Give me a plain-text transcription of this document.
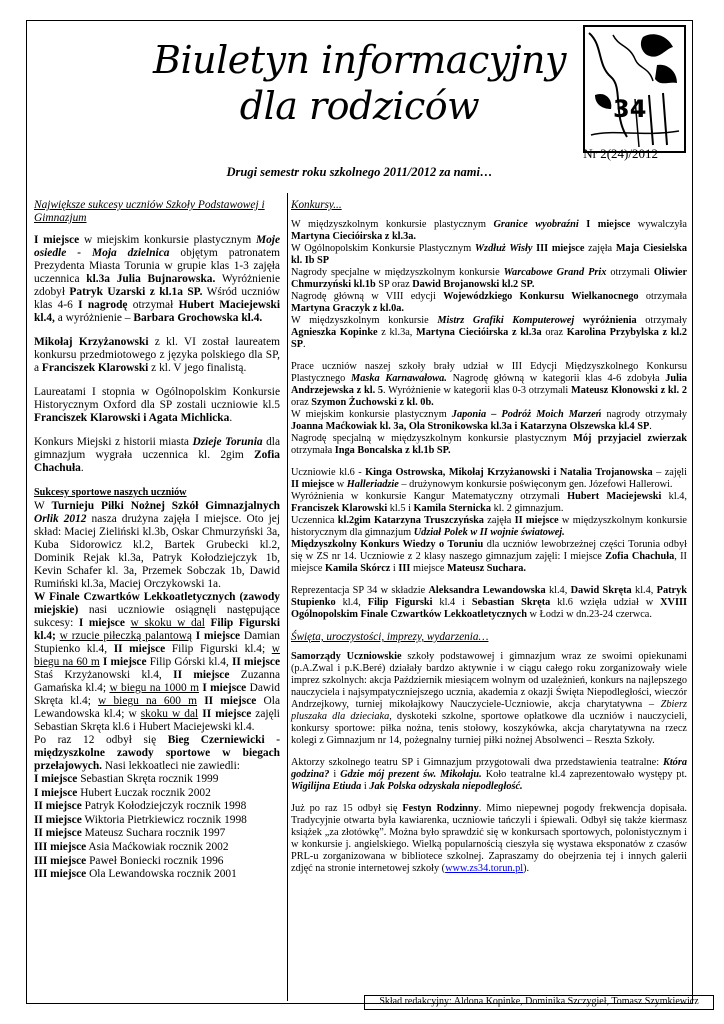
Biuletyn informacyjny
dla rodziców	34
Nr 2(24)/2012
Drugi semestr roku szkolnego 2011/2012 za nami…
Największe sukcesy uczniów Szkoły Podstawowej i Gimnazjum

I miejsce w miejskim konkursie plastycznym Moje osiedle - Moja dzielnica objętym patronatem Prezydenta Miasta Torunia w grupie klas 1-3 zajęła uczennica kl.3a Julia Bujnarowska. Wyróżnienie zdobył Patryk Uzarski z kl.1a SP. Wśród uczniów klas 4-6 I nagrodę otrzymał Hubert Maciejewski kl.4, a wyróżnienie – Barbara Grochowska kl.4.

Mikołaj Krzyżanowski z kl. VI został laureatem konkursu przedmiotowego z języka polskiego dla SP, a Franciszek Klarowski z kl. V jego finalistą.

Laureatami I stopnia w Ogólnopolskim Konkursie Historycznym Oxford dla SP zostali uczniowie kl.5 Franciszek Klarowski i Agata Michlicka.

Konkurs Miejski z historii miasta Dzieje Torunia dla gimnazjum wygrała uczennica kl. 2gim Zofia Chachuła.

Sukcesy sportowe naszych uczniów
W Turnieju Piłki Nożnej Szkół Gimnazjalnych Orlik 2012 nasza drużyna zajęła I miejsce. Oto jej skład: Maciej Zieliński kl.3b, Oskar Chmurzyński 3a, Kuba Sidorowicz kl.2, Bartek Grubecki kl.2, Dominik Rejak kl.3a, Patryk Kołodziejczyk 1b, Kevin Schafer kl. 3a, Przemek Sobczak 1b, Dawid Rumiński kl.3a, Maciej Orczykowski 1a.
W Finale Czwartków Lekkoatletycznych (zawody miejskie) nasi uczniowie osiągnęli następujące sukcesy: I miejsce w skoku w dal Filip Figurski kl.4; w rzucie piłeczką palantową I miejsce Damian Stupienko kl.4, II miejsce Filip Figurski kl.4; w biegu na 60 m I miejsce Filip Górski kl.4, II miejsce Staś Krzyżanowski kl.4, II miejsce Zuzanna Gamańska kl.4; w biegu na 1000 m I miejsce Dawid Skręta kl.4; w biegu na 600 m II miejsce Ola Lewandowska kl.4; w skoku w dal II miejsce zajęli Sebastian Skręta kl.6 i Hubert Maciejewski kl.4.
Po raz 12 odbył się Bieg Czerniewicki - międzyszkolne zawody sportowe w biegach przełajowych. Nasi lekkoatleci nie zawiedli:

I miejsce Sebastian Skręta rocznik 1999
I miejsce Hubert Łuczak rocznik 2002
II miejsce Patryk Kołodziejczyk rocznik 1998
II miejsce Wiktoria Pietrkiewicz rocznik 1998
II miejsce Mateusz Suchara rocznik 1997
III miejsce Asia Maćkowiak rocznik 2002
III miejsce Paweł Boniecki rocznik 1996
III miejsce Ola Lewandowska rocznik 2001
Konkursy...

W międzyszkolnym konkursie plastycznym Granice wyobraźni I miejsce wywalczyła Martyna Ciecióirska z kl.3a.
W Ogólnopolskim Konkursie Plastycznym Wzdłuż Wisły III miejsce zajęła Maja Ciesielska kl. Ib SP
Nagrody specjalne w międzyszkolnym konkursie Warcabowe Grand Prix otrzymali Oliwier Chmurzyński kl.1b SP oraz Dawid Brojanowski kl.2 SP.
Nagrodę główną w VIII edycji Wojewódzkiego Konkursu Wielkanocnego otrzymała Martyna Graczyk z kl.0a.
W międzyszkolnym konkursie Mistrz Grafiki Komputerowej wyróżnienia otrzymały Agnieszka Kopinke z kl.3a, Martyna Ciecióirska z kl.3a oraz Karolina Przybylska z kl.2 SP.

Prace uczniów naszej szkoły brały udział w III Edycji Międzyszkolnego Konkursu Plastycznego Maska Karnawałowa. Nagrodę główną w kategorii klas 4-6 zdobyła Julia Andrzejewska z kl. 5. Wyróżnienie w kategorii klas 0-3 otrzymali Mateusz Kłonowski z kl. 2 oraz Szymon Żuchowski z kl. 0b.
W miejskim konkursie plastycznym Japonia – Podróż Moich Marzeń nagrody otrzymały Joanna Maćkowiak kl. 3a, Ola Stronikowska kl.3a i Katarzyna Olszewska kl.4 SP.
Nagrodę specjalną w międzyszkolnym konkursie plastycznym Mój przyjaciel zwierzak otrzymała Inga Boncalska z kl.1b SP.

Uczniowie kl.6 - Kinga Ostrowska, Mikołaj Krzyżanowski i Natalia Trojanowska – zajęli II miejsce w Halleriadzie – drużynowym konkursie poświęconym gen. Józefowi Hallerowi.
Wyróżnienia w konkursie Kangur Matematyczny otrzymali Hubert Maciejewski kl.4, Franciszek Klarowski kl.5 i Kamila Sternicka kl. 2 gimnazjum.
Uczennica kl.2gim Katarzyna Truszczyńska zajęła II miejsce w międzyszkolnym konkursie historycznym dla gimnazjum Udział Polek w II wojnie światowej.
Międzyszkolny Konkurs Wiedzy o Toruniu dla uczniów lewobrzeżnej części Torunia odbył się w ZS nr 14. Uczniowie z 2 klasy naszego gimnazjum zajęli: I miejsce Zofia Chachuła, II miejsce Kamila Skórcz i III miejsce Mateusz Suchara.

Reprezentacja SP 34 w składzie Aleksandra Lewandowska kl.4, Dawid Skręta kl.4, Patryk Stupienko kl.4, Filip Figurski kl.4 i Sebastian Skręta kl.6 wzięła udział w XVIII Ogólnopolskim Finale Czwartków Lekkoatletycznych w Łodzi w dn.23-24 czerwca.

Święta, uroczystości, imprezy, wydarzenia…

Samorządy Uczniowskie szkoły podstawowej i gimnazjum wraz ze swoimi opiekunami (p.A.Zwal i p.K.Beré) działały bardzo aktywnie i w ciągu całego roku zorganizowały wiele imprez szkolnych: akcja Październik miesiącem wolnym od uzależnień, konkurs na najlepszego nauczyciela i najsympatyczniejszego ucznia, akademia z okazji Święta Niepodległości, wieczór Andrzejkowy, turniej mikołajkowy Nauczyciele-Uczniowie, akcja charytatywna – Zbierz pluszaka dla dzieciaka, dyskoteki szkolne, sportowe opłatkowe dla uczniów i nauczycieli, konkursy sportowe: piłka nożna, tenis stołowy, koszykówka, akcja charytatywna na rzecz kolegi z Gimnazjum nr 14, pożegnalny turniej piłki nożnej Absolwenci – Reszta Szkoły.

Aktorzy szkolnego teatru SP i Gimnazjum przygotowali dwa przedstawienia teatralne: Która godzina? i Gdzie mój prezent św. Mikołaju. Koło teatralne kl.4 zaprezentowało występy pt. Wigilijna Etiuda i Jak Polska odzyskała niepodległość.

Już po raz 15 odbył się Festyn Rodzinny. Mimo niepewnej pogody frekwencja dopisała. Tradycyjnie otwarta była kawiarenka, uczniowie tańczyli i śpiewali. Odbył się także kiermasz książek „za złotówkę”. Można było sprawdzić się w konkursach sportowych, polonistycznym i w konkursie j. angielskiego. Wielką popularnością cieszyła się wystawa eksponatów z czasów PRL-u zorganizowana w bibliotece szkolnej. Zapraszamy do obejrzenia tej i innych galerii zdjęć na stronie internetowej szkoły (www.zs34.torun.pl).

Skład redakcyjny: Aldona Kopinke, Dominika Szczygieł, Tomasz Szymkiewicz
